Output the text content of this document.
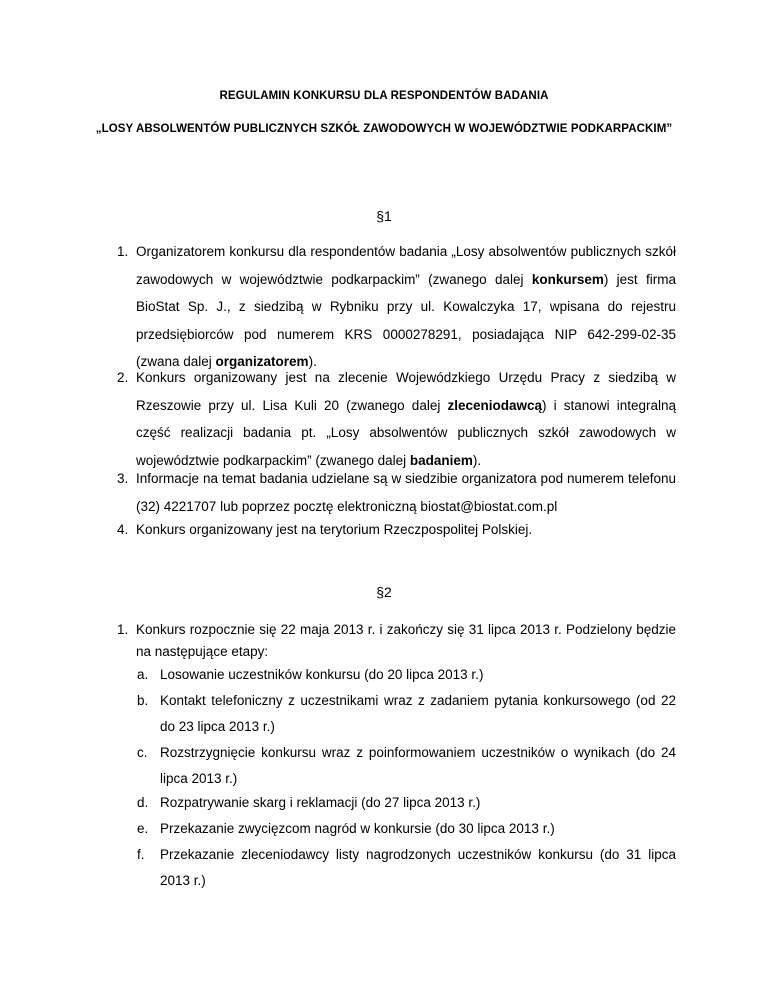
REGULAMIN KONKURSU DLA RESPONDENTÓW BADANIA
„LOSY ABSOLWENTÓW PUBLICZNYCH SZKÓŁ ZAWODOWYCH W WOJEWÓDZTWIE PODKARPACKIM”
§1
1. Organizatorem konkursu dla respondentów badania „Losy absolwentów publicznych szkół zawodowych w województwie podkarpackim” (zwanego dalej konkursem) jest firma BioStat Sp. J., z siedzibą w Rybniku przy ul. Kowalczyka 17, wpisana do rejestru przedsiębiorców pod numerem KRS 0000278291, posiadająca NIP 642-299-02-35 (zwana dalej organizatorem).
2. Konkurs organizowany jest na zlecenie Wojewódzkiego Urzędu Pracy z siedzibą w Rzeszowie przy ul. Lisa Kuli 20 (zwanego dalej zleceniodawcą) i stanowi integralną część realizacji badania pt. „Losy absolwentów publicznych szkół zawodowych w województwie podkarpackim” (zwanego dalej badaniem).
3. Informacje na temat badania udzielane są w siedzibie organizatora pod numerem telefonu (32) 4221707 lub poprzez pocztę elektroniczną biostat@biostat.com.pl
4. Konkurs organizowany jest na terytorium Rzeczpospolitej Polskiej.
§2
1. Konkurs rozpocznie się 22 maja 2013 r. i zakończy się 31 lipca 2013 r. Podzielony będzie na następujące etapy:
a. Losowanie uczestników konkursu (do 20 lipca 2013 r.)
b. Kontakt telefoniczny z uczestnikami wraz z zadaniem pytania konkursowego (od 22 do 23 lipca 2013 r.)
c. Rozstrzygnięcie konkursu wraz z poinformowaniem uczestników o wynikach (do 24 lipca 2013 r.)
d. Rozpatrywanie skarg i reklamacji (do 27 lipca 2013 r.)
e. Przekazanie zwycięzcom nagród w konkursie (do 30 lipca 2013 r.)
f. Przekazanie zleceniodawcy listy nagrodzonych uczestników konkursu (do 31 lipca 2013 r.)
